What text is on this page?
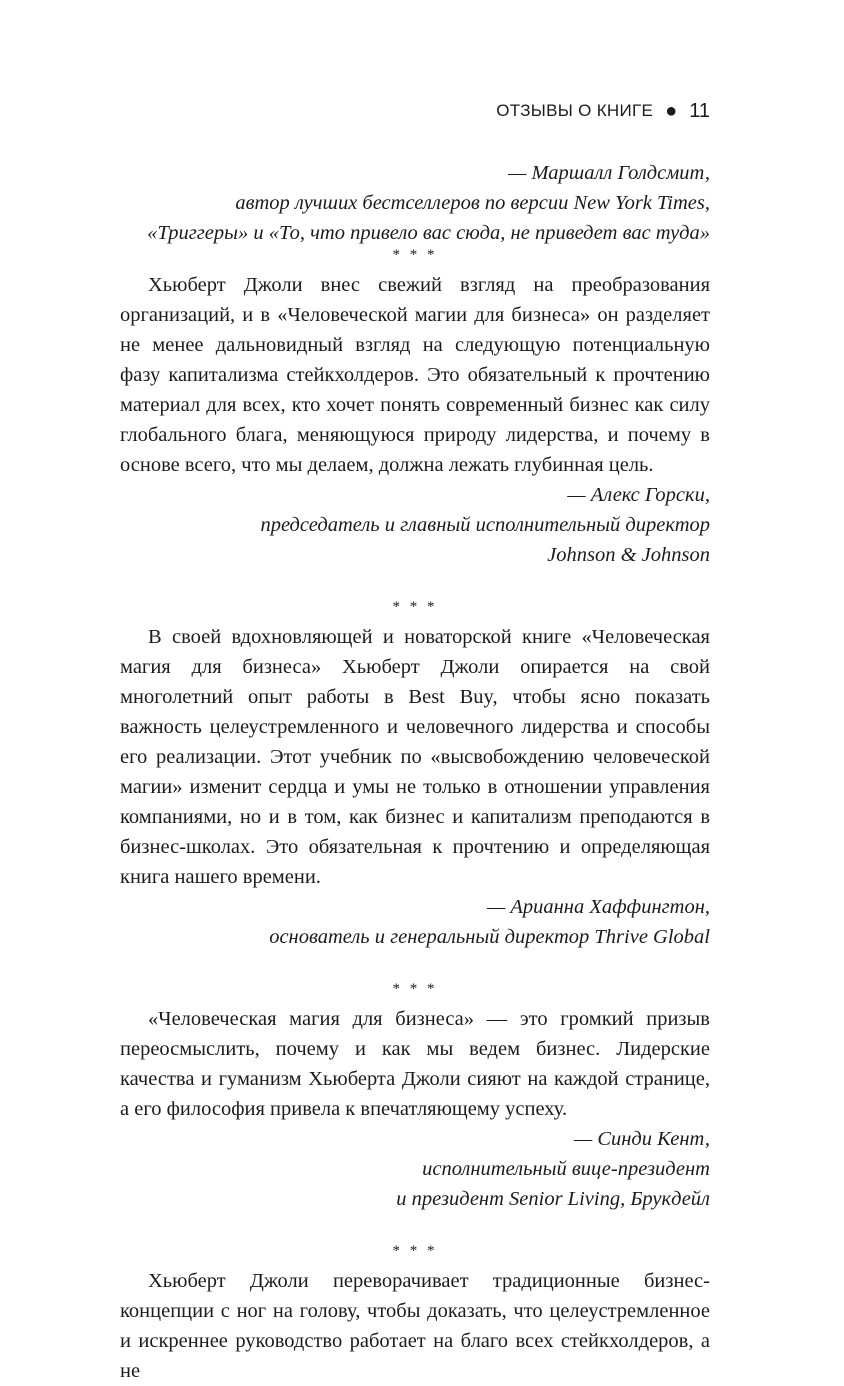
ОТЗЫВЫ О КНИГЕ ● 11
— Маршалл Голдсмит,
автор лучших бестселлеров по версии New York Times,
«Триггеры» и «То, что привело вас сюда, не приведет вас туда»
* * *

Хьюберт Джоли внес свежий взгляд на преобразования организаций, и в «Человеческой магии для бизнеса» он разделяет не менее дальновидный взгляд на следующую потенциальную фазу капитализма стейкхолдеров. Это обязательный к прочтению материал для всех, кто хочет понять современный бизнес как силу глобального блага, меняющуюся природу лидерства, и почему в основе всего, что мы делаем, должна лежать глубинная цель.

— Алекс Горски,
председатель и главный исполнительный директор
Johnson & Johnson
* * *

В своей вдохновляющей и новаторской книге «Человеческая магия для бизнеса» Хьюберт Джоли опирается на свой многолетний опыт работы в Best Buy, чтобы ясно показать важность целеустремленного и человечного лидерства и способы его реализации. Этот учебник по «высвобождению человеческой магии» изменит сердца и умы не только в отношении управления компаниями, но и в том, как бизнес и капитализм преподаются в бизнес-школах. Это обязательная к прочтению и определяющая книга нашего времени.

— Арианна Хаффингтон,
основатель и генеральный директор Thrive Global
* * *

«Человеческая магия для бизнеса» — это громкий призыв переосмыслить, почему и как мы ведем бизнес. Лидерские качества и гуманизм Хьюберта Джоли сияют на каждой странице, а его философия привела к впечатляющему успеху.

— Синди Кент,
исполнительный вице-президент
и президент Senior Living, Брукдейл
* * *

Хьюберт Джоли переворачивает традиционные бизнес-концепции с ног на голову, чтобы доказать, что целеустремленное и искреннее руководство работает на благо всех стейкхолдеров, а не
